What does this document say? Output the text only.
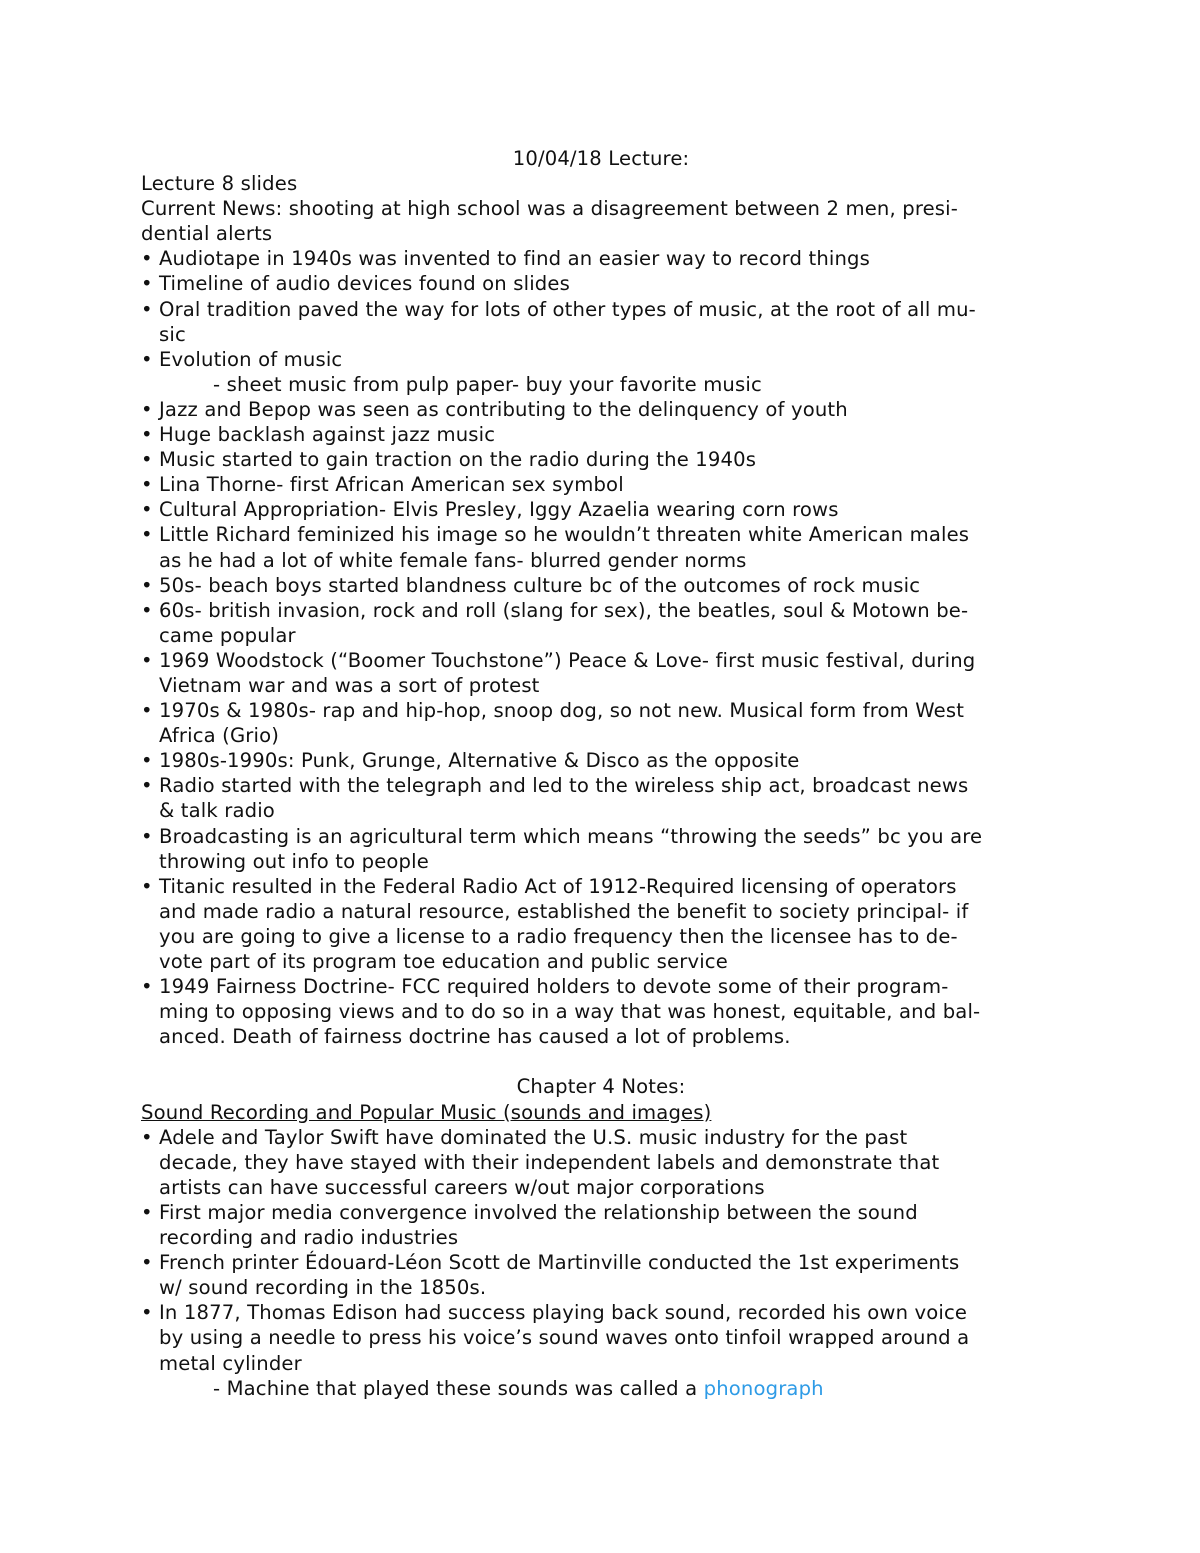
10/04/18 Lecture:
Lecture 8 slides
Current News: shooting at high school was a disagreement between 2 men, presi-
dential alerts
• Audiotape in 1940s was invented to find an easier way to record things
• Timeline of audio devices found on slides
• Oral tradition paved the way for lots of other types of music, at the root of all mu-
sic
• Evolution of music
- sheet music from pulp paper- buy your favorite music
• Jazz and Bepop was seen as contributing to the delinquency of youth
• Huge backlash against jazz music
• Music started to gain traction on the radio during the 1940s
• Lina Thorne- first African American sex symbol
• Cultural Appropriation- Elvis Presley, Iggy Azaelia wearing corn rows
• Little Richard feminized his image so he wouldn’t threaten white American males
as he had a lot of white female fans- blurred gender norms
• 50s- beach boys started blandness culture bc of the outcomes of rock music
• 60s- british invasion, rock and roll (slang for sex), the beatles, soul & Motown be-
came popular
• 1969 Woodstock (“Boomer Touchstone”) Peace & Love- first music festival, during
Vietnam war and was a sort of protest
• 1970s & 1980s- rap and hip-hop, snoop dog, so not new. Musical form from West
Africa (Grio)
• 1980s-1990s: Punk, Grunge, Alternative & Disco as the opposite
• Radio started with the telegraph and led to the wireless ship act, broadcast news
& talk radio
• Broadcasting is an agricultural term which means “throwing the seeds” bc you are
throwing out info to people
• Titanic resulted in the Federal Radio Act of 1912-Required licensing of operators
and made radio a natural resource, established the benefit to society principal- if
you are going to give a license to a radio frequency then the licensee has to de-
vote part of its program toe education and public service
• 1949 Fairness Doctrine- FCC required holders to devote some of their program-
ming to opposing views and to do so in a way that was honest, equitable, and bal-
anced. Death of fairness doctrine has caused a lot of problems.
Chapter 4 Notes:
Sound Recording and Popular Music (sounds and images)
• Adele and Taylor Swift have dominated the U.S. music industry for the past
decade, they have stayed with their independent labels and demonstrate that
artists can have successful careers w/out major corporations
• First major media convergence involved the relationship between the sound
recording and radio industries
• French printer Édouard-Léon Scott de Martinville conducted the 1st experiments
w/ sound recording in the 1850s.
• In 1877, Thomas Edison had success playing back sound, recorded his own voice
by using a needle to press his voice’s sound waves onto tinfoil wrapped around a
metal cylinder
- Machine that played these sounds was called a phonograph
